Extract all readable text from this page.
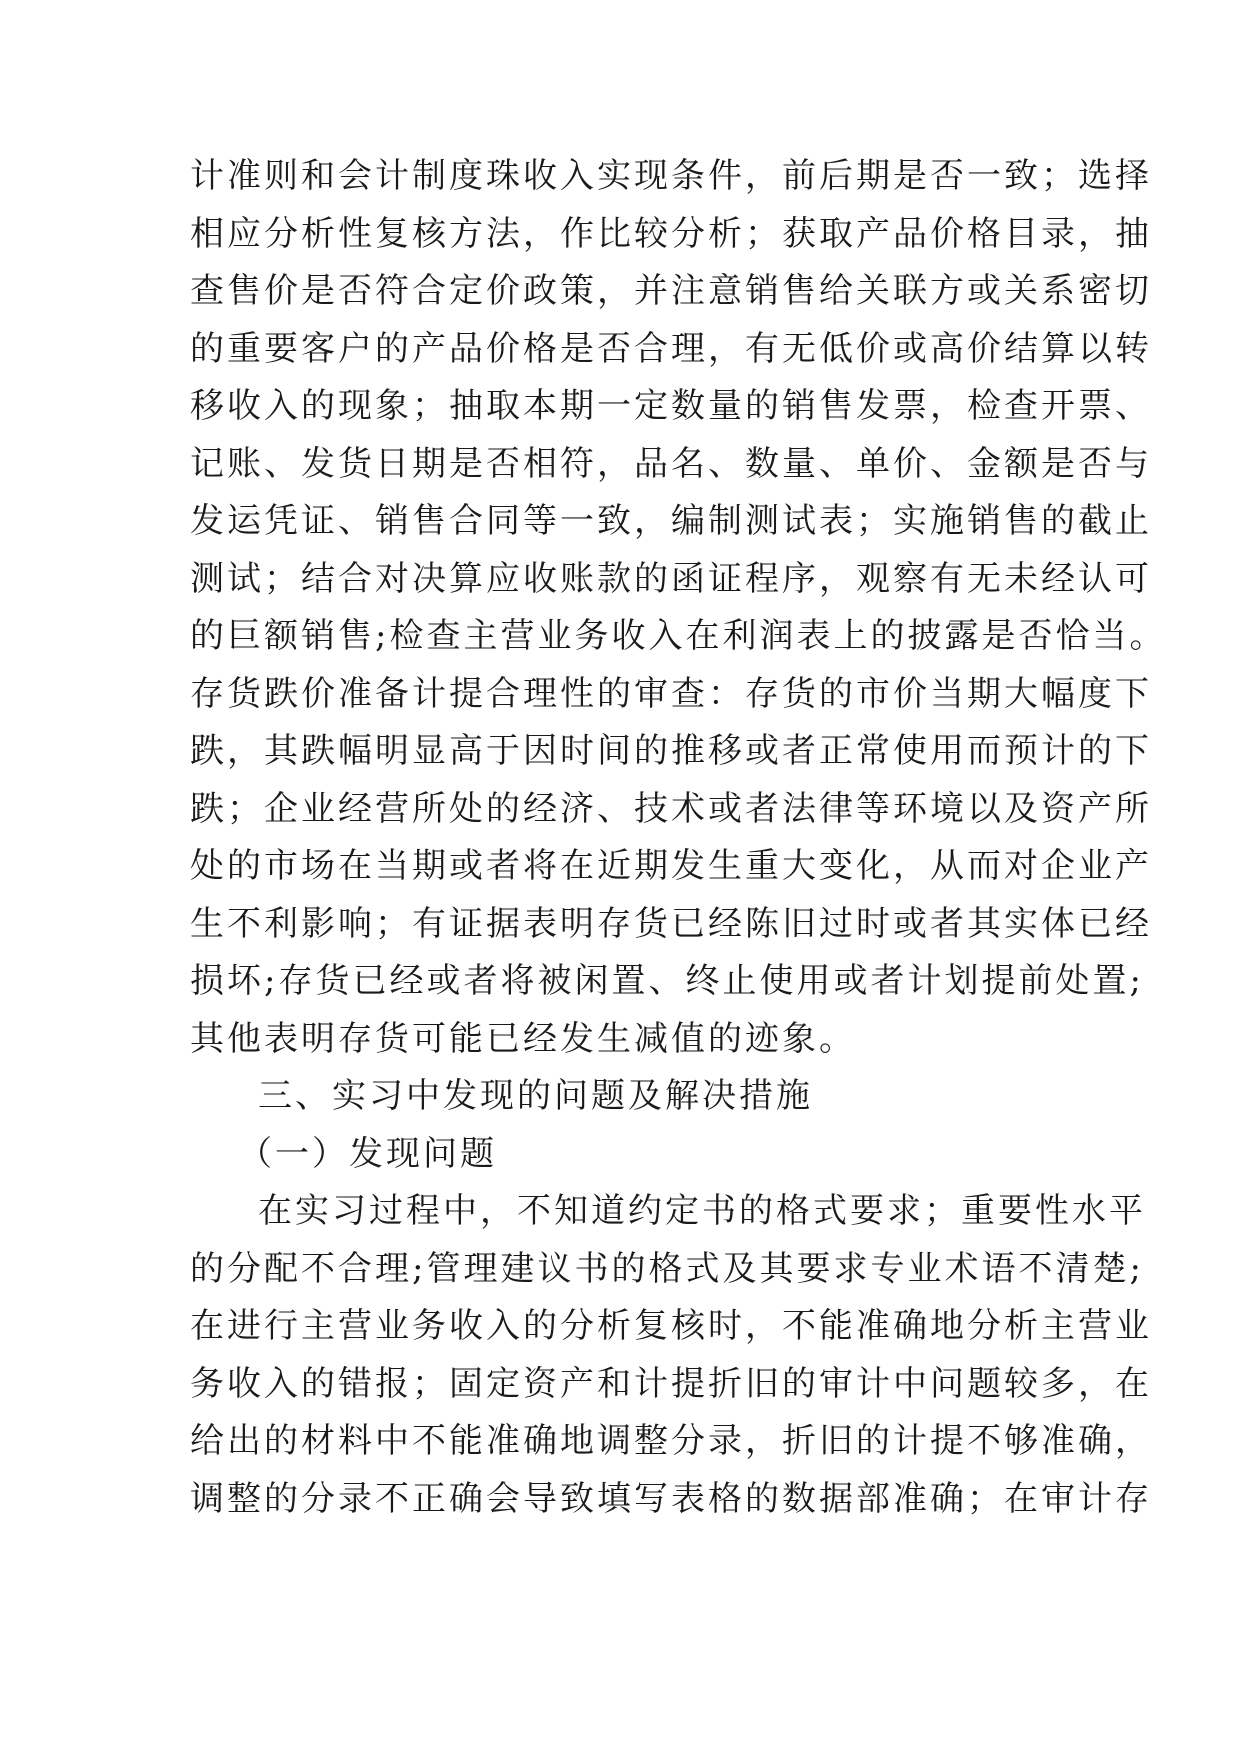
计准则和会计制度珠收入实现条件，前后期是否一致；选择
相应分析性复核方法，作比较分析；获取产品价格目录，抽
查售价是否符合定价政策，并注意销售给关联方或关系密切
的重要客户的产品价格是否合理，有无低价或高价结算以转
移收入的现象；抽取本期一定数量的销售发票，检查开票、
记账、发货日期是否相符，品名、数量、单价、金额是否与
发运凭证、销售合同等一致，编制测试表；实施销售的截止
测试；结合对决算应收账款的函证程序，观察有无未经认可
的巨额销售;检查主营业务收入在利润表上的披露是否恰当。
存货跌价准备计提合理性的审查：存货的市价当期大幅度下
跌，其跌幅明显高于因时间的推移或者正常使用而预计的下
跌；企业经营所处的经济、技术或者法律等环境以及资产所
处的市场在当期或者将在近期发生重大变化，从而对企业产
生不利影响；有证据表明存货已经陈旧过时或者其实体已经
损坏;存货已经或者将被闲置、终止使用或者计划提前处置;
其他表明存货可能已经发生减值的迹象。

三、实习中发现的问题及解决措施

（一）发现问题

在实习过程中，不知道约定书的格式要求；重要性水平
的分配不合理;管理建议书的格式及其要求专业术语不清楚;
在进行主营业务收入的分析复核时，不能准确地分析主营业
务收入的错报；固定资产和计提折旧的审计中问题较多，在
给出的材料中不能准确地调整分录，折旧的计提不够准确，
调整的分录不正确会导致填写表格的数据部准确；在审计存
